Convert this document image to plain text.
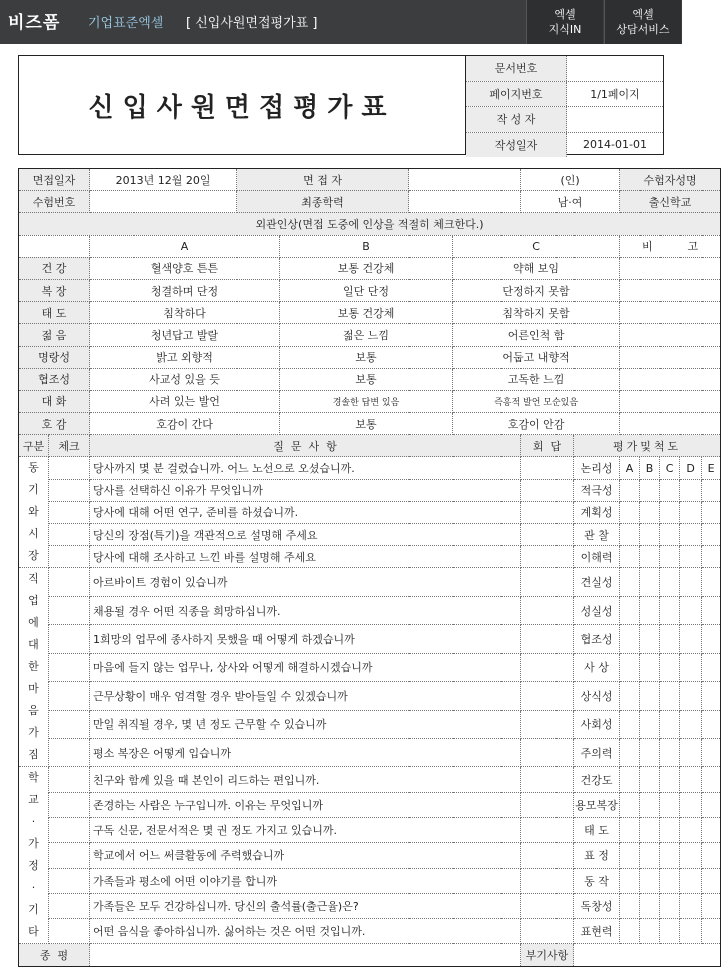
비즈폼 기업표준엑셀 [ 신입사원면접평가표 ]
엑셀
지식IN
엑셀
상담서비스
신입사원면접평가표
문서번호
페이지번호	1/1페이지
작 성 자
작성일자	2014-01-01
면접일자		2013년 12월 20일	면 접 자				(인)		수험자성명				
수험번호			최종학력				남·여		출신학교				
외관인상(면접 도중에 인상을 적절히 체크한다.)													
		A		B		C			비          고				
건 강		혈색양호 튼튼		보통 건강체		약해 보임							
복 장		청결하며 단정		일단 단정		단정하지 못함							
태 도		침착하다		보통 건강체		침착하지 못함							
젊 음		청년답고 발랄		젊은 느낌		어른인척 함							
명랑성		밝고 외향적		보통		어둡고 내향적							
협조성		사교성 있을 듯		보통		고독한 느낌							
대 화		사려 있는 발언		경솔한 답변 있음		즉흥적 발언 모순있음							
호 감		호감이 간다		보통		호감이 안감							
구분	체크	질  문  사  항					회  답	평가및척도					
동기와시장		당사까지 몇 분 걸렸습니까. 어느 노선으로 오셨습니까.						논리성	A	B	C	D	E
		당사를 선택하신 이유가 무엇입니까						적극성					
		당사에 대해 어떤 연구, 준비를 하셨습니까.						계획성					
		당신의 장점(특기)을 객관적으로 설명해 주세요						관 찰					
		당사에 대해 조사하고 느낀 바를 설명해 주세요						이해력					
직업에대한마음가짐		아르바이트 경험이 있습니까						견실성					
		채용될 경우 어떤 직종을 희망하십니까.						성실성					
		1희망의 업무에 종사하지 못했을 때 어떻게 하겠습니까						협조성					
		마음에 들지 않는 업무나, 상사와 어떻게 해결하시겠습니까						사 상					
		근무상황이 매우 엄격할 경우 받아들일 수 있겠습니까						상식성					
		만일 취직될 경우, 몇 년 정도 근무할 수 있습니까						사회성					
		평소 복장은 어떻게 입습니까						주의력					
학교·가정·기타		친구와 함께 있을 때 본인이 리드하는 편입니까.						건강도					
		존경하는 사람은 누구입니까. 이유는 무엇입니까						용모복장					
		구독 신문, 전문서적은 몇 권 정도 가지고 있습니까.						태 도					
		학교에서 어느 써클활동에 주력했습니까						표 정					
		가족들과 평소에 어떤 이야기를 합니까						동 작					
		가족들은 모두 건강하십니까. 당신의 출석률(출근율)은?						독창성					
		어떤 음식을 좋아하십니까. 싫어하는 것은 어떤 것입니까.						표현력					
종  평							부기사항						
